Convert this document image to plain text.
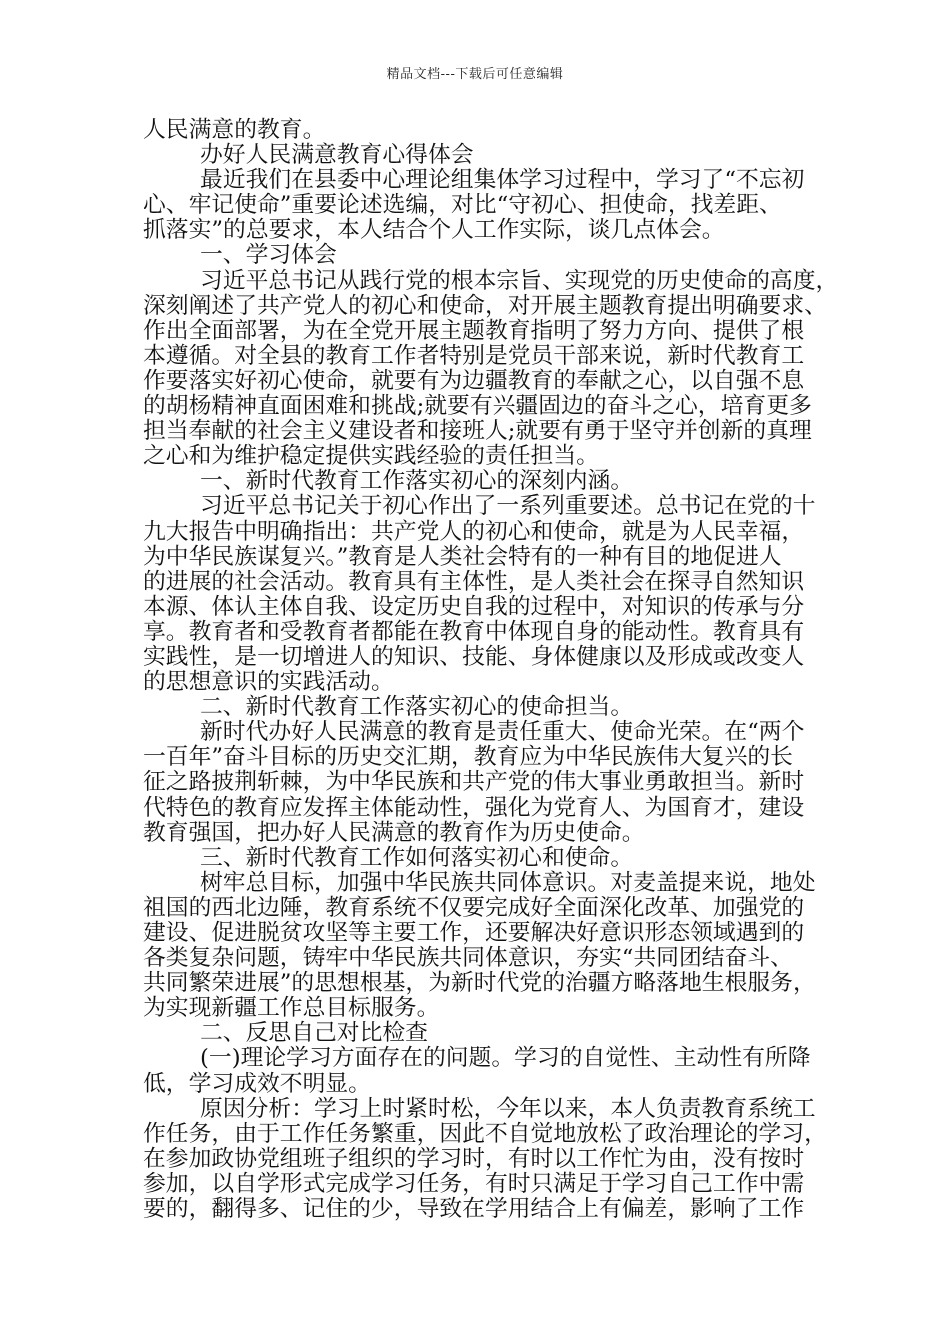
精品文档---下载后可任意编辑
人民满意的教育。
办好人民满意教育心得体会
最近我们在县委中心理论组集体学习过程中，学习了“不忘初
心、牢记使命”重要论述选编，对比“守初心、担使命，找差距、
抓落实”的总要求，本人结合个人工作实际，谈几点体会。
一、学习体会
习近平总书记从践行党的根本宗旨、实现党的历史使命的高度，
深刻阐述了共产党人的初心和使命，对开展主题教育提出明确要求、
作出全面部署，为在全党开展主题教育指明了努力方向、提供了根
本遵循。对全县的教育工作者特别是党员干部来说，新时代教育工
作要落实好初心使命，就要有为边疆教育的奉献之心，以自强不息
的胡杨精神直面困难和挑战;就要有兴疆固边的奋斗之心，培育更多
担当奉献的社会主义建设者和接班人;就要有勇于坚守并创新的真理
之心和为维护稳定提供实践经验的责任担当。
一、新时代教育工作落实初心的深刻内涵。
习近平总书记关于初心作出了一系列重要述。总书记在党的十
九大报告中明确指出：共产党人的初心和使命，就是为人民幸福，
为中华民族谋复兴。”教育是人类社会特有的一种有目的地促进人
的进展的社会活动。教育具有主体性，是人类社会在探寻自然知识
本源、体认主体自我、设定历史自我的过程中，对知识的传承与分
享。教育者和受教育者都能在教育中体现自身的能动性。教育具有
实践性，是一切增进人的知识、技能、身体健康以及形成或改变人
的思想意识的实践活动。
二、新时代教育工作落实初心的使命担当。
新时代办好人民满意的教育是责任重大、使命光荣。在“两个
一百年”奋斗目标的历史交汇期，教育应为中华民族伟大复兴的长
征之路披荆斩棘，为中华民族和共产党的伟大事业勇敢担当。新时
代特色的教育应发挥主体能动性，强化为党育人、为国育才，建设
教育强国，把办好人民满意的教育作为历史使命。
三、新时代教育工作如何落实初心和使命。
树牢总目标，加强中华民族共同体意识。对麦盖提来说，地处
祖国的西北边陲，教育系统不仅要完成好全面深化改革、加强党的
建设、促进脱贫攻坚等主要工作，还要解决好意识形态领域遇到的
各类复杂问题，铸牢中华民族共同体意识，夯实“共同团结奋斗、
共同繁荣进展”的思想根基，为新时代党的治疆方略落地生根服务，
为实现新疆工作总目标服务。
二、反思自己对比检查
(一)理论学习方面存在的问题。学习的自觉性、主动性有所降
低，学习成效不明显。
原因分析：学习上时紧时松，今年以来，本人负责教育系统工
作任务，由于工作任务繁重，因此不自觉地放松了政治理论的学习，
在参加政协党组班子组织的学习时，有时以工作忙为由，没有按时
参加，以自学形式完成学习任务，有时只满足于学习自己工作中需
要的，翻得多、记住的少，导致在学用结合上有偏差，影响了工作
